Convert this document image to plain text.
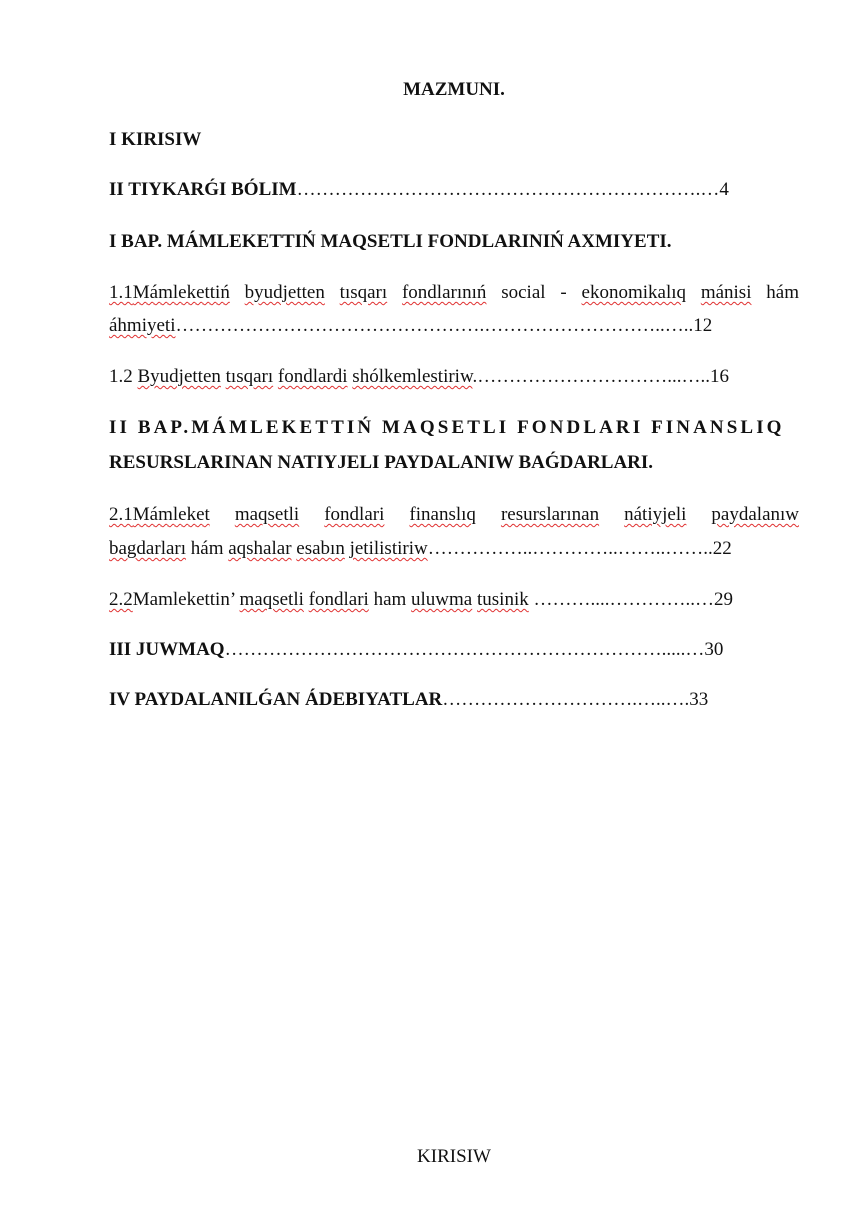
MAZMUNI.
I KIRISIW
II TIYKARǴI BÓLIM……………………………………………………….…4
I BAP. MÁMLEKETTIŃ MAQSETLI FONDLARINIŃ AXMIYETI.
1.1Mámlekettiń byudjetten tısqarı fondlarınıń social - ekonomikalıq mánisi hám
áhmiyeti………………………………………….………………………..…..12
1.2 Byudjetten tısqarı fondlardi shólkemlestiriw.…………………………...…..16
II BAP.MÁMLEKETTIŃ MAQSETLI FONDLARI FINANSLIQ
RESURSLARINAN NATIYJELI PAYDALANIW BAǴDARLARI.
2.1Mámleket maqsetli fondlari finanslıq resurslarınan nátiyjeli paydalanıw
bagdarları hám aqshalar esabın jetilistiriw……………..…………..……..……..22
2.2Mamlekettin’ maqsetli fondlari ham uluwma tusinik ………....…………..…29
III JUWMAQ…………………………………………………………….....…30
IV PAYDALANILǴAN ÁDEBIYATLAR………………………….…..….33
KIRISIW
